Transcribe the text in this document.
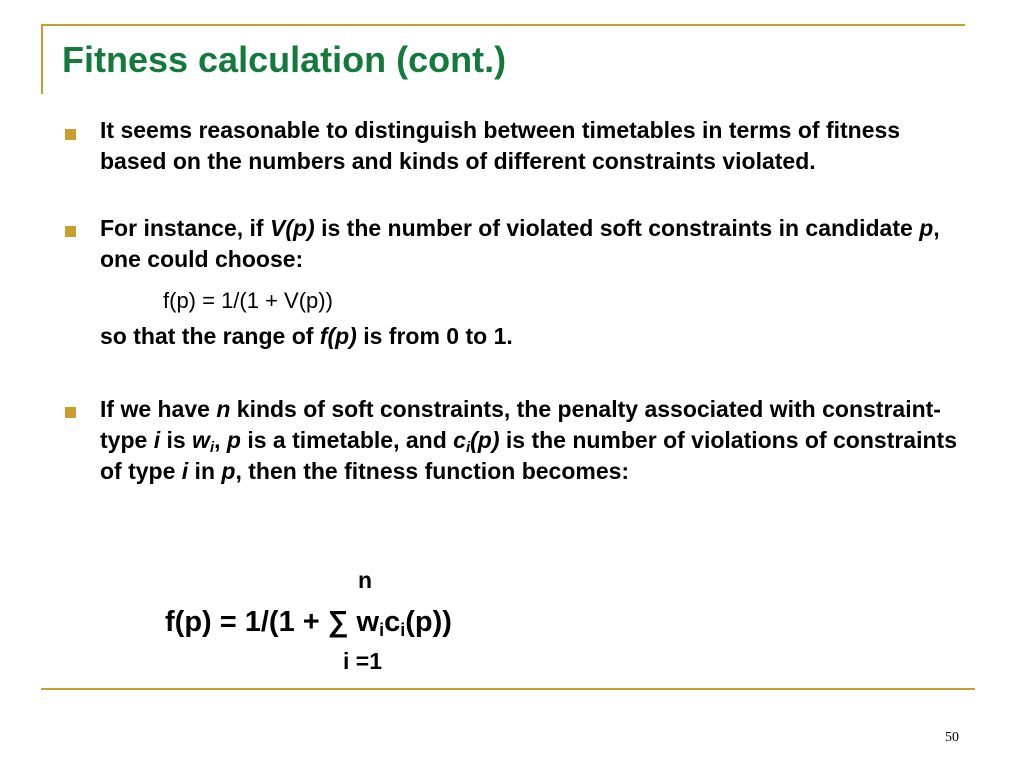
Fitness calculation (cont.)

It seems reasonable to distinguish between timetables in terms of fitness based on the numbers and kinds of different constraints violated.

For instance, if V(p) is the number of violated soft constraints in candidate p, one could choose:

f(p) = 1/(1 + V(p))

so that the range of f(p) is from 0 to 1.

If we have n kinds of soft constraints, the penalty associated with constraint-type i is $w_i$, p is a timetable, and $c_i(p)$ is the number of violations of constraints of type i in p, then the fitness function becomes:

n
f(p) = 1/(1 + ∑ $w_ic_i(p)$)
i =1
50
